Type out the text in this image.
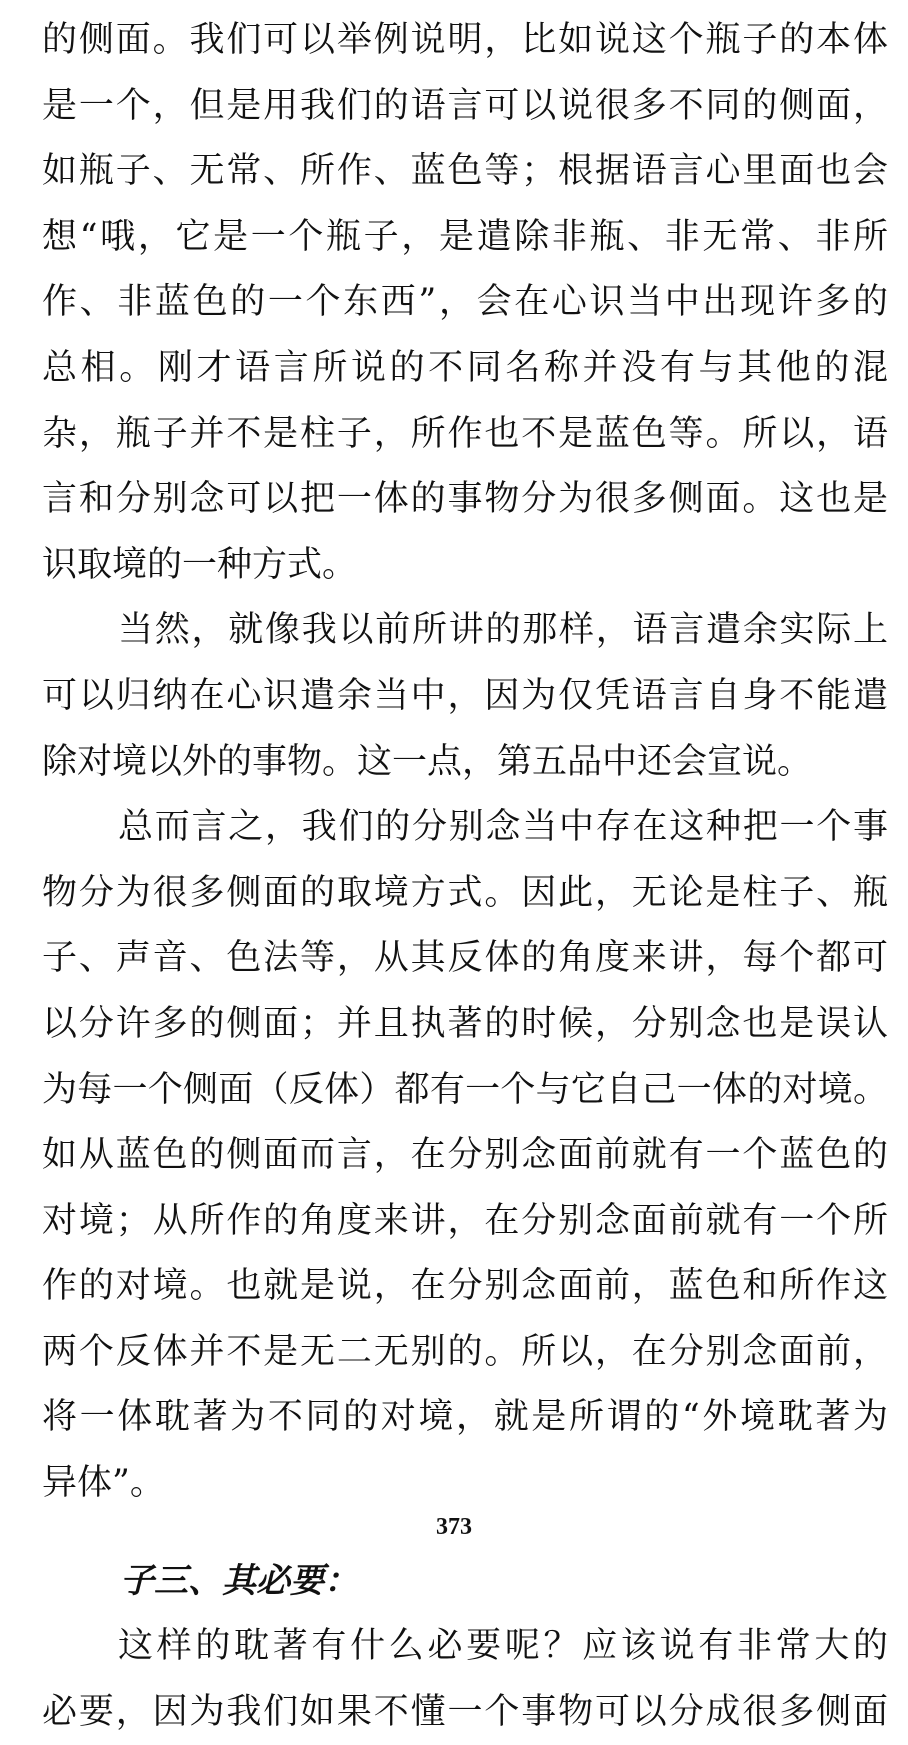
的侧面。我们可以举例说明，比如说这个瓶子的本体
是一个，但是用我们的语言可以说很多不同的侧面，
如瓶子、无常、所作、蓝色等；根据语言心里面也会
想“哦，它是一个瓶子，是遣除非瓶、非无常、非所
作、非蓝色的一个东西”，会在心识当中出现许多的
总相。刚才语言所说的不同名称并没有与其他的混
杂，瓶子并不是柱子，所作也不是蓝色等。所以，语
言和分别念可以把一体的事物分为很多侧面。这也是
识取境的一种方式。
当然，就像我以前所讲的那样，语言遣余实际上
可以归纳在心识遣余当中，因为仅凭语言自身不能遣
除对境以外的事物。这一点，第五品中还会宣说。
总而言之，我们的分别念当中存在这种把一个事
物分为很多侧面的取境方式。因此，无论是柱子、瓶
子、声音、色法等，从其反体的角度来讲，每个都可
以分许多的侧面；并且执著的时候，分别念也是误认
为每一个侧面（反体）都有一个与它自己一体的对境。
如从蓝色的侧面而言，在分别念面前就有一个蓝色的
对境；从所作的角度来讲，在分别念面前就有一个所
作的对境。也就是说，在分别念面前，蓝色和所作这
两个反体并不是无二无别的。所以，在分别念面前，
将一体耽著为不同的对境，就是所谓的“外境耽著为
异体”。
子三、其必要：
这样的耽著有什么必要呢？应该说有非常大的
必要，因为我们如果不懂一个事物可以分成很多侧面
373
